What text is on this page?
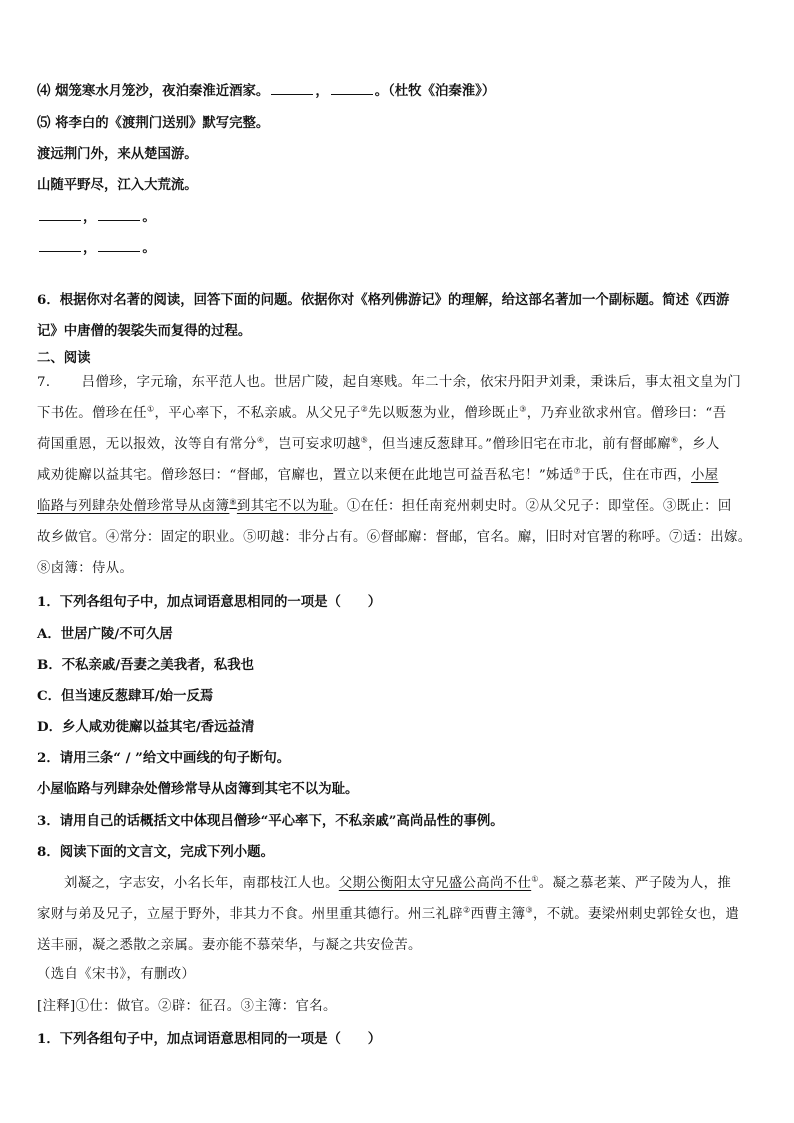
⑷ 烟笼寒水月笼沙，夜泊秦淮近酒家。	，	。（杜牧《泊秦淮》）
⑸ 将李白的《渡荆门送别》默写完整。
渡远荆门外，来从楚国游。
山随平野尽，江入大荒流。
，	。
，	。
6．根据你对名著的阅读，回答下面的问题。依据你对《格列佛游记》的理解，给这部名著加一个副标题。简述《西游
记》中唐僧的袈裟失而复得的过程。
二、阅读
7． 吕僧珍，字元瑜，东平范人也。世居广陵，起自寒贱。年二十余，依宋丹阳尹刘秉，秉诛后，事太祖文皇为门
下书佐。僧珍在任①，平心率下，不私亲戚。从父兄子②先以贩葱为业，僧珍既止③，乃弃业欲求州官。僧珍曰：“吾
荷国重恩，无以报效，汝等自有常分④，岂可妄求叨越⑤，但当速反葱肆耳。”僧珍旧宅在市北，前有督邮廨⑥，乡人
咸劝徙廨以益其宅。僧珍怒曰：“督邮，官廨也，置立以来便在此地岂可益吾私宅！”姊适⑦于氏，住在市西，小屋
临路与列肆杂处僧珍常导从卤簿⑧到其宅不以为耻。①在任：担任南兖州刺史时。②从父兄子：即堂侄。③既止：回
故乡做官。④常分：固定的职业。⑤叨越：非分占有。⑥督邮廨：督邮，官名。廨，旧时对官署的称呼。⑦适：出嫁。
⑧卤簿：侍从。
1．下列各组句子中，加点词语意思相同的一项是（　　）
A．世居广陵/不可久居
B．不私亲戚/吾妻之美我者，私我也
C．但当速反葱肆耳/始一反焉
D．乡人咸劝徙廨以益其宅/香远益清
2．请用三条“ / ”给文中画线的句子断句。
小屋临路与列肆杂处僧珍常导从卤簿到其宅不以为耻。
3．请用自己的话概括文中体现吕僧珍“平心率下，不私亲戚”高尚品性的事例。
8．阅读下面的文言文，完成下列小题。
刘凝之，字志安，小名长年，南郡枝江人也。父期公衡阳太守兄盛公高尚不仕①。凝之慕老莱、严子陵为人，推
家财与弟及兄子，立屋于野外，非其力不食。州里重其德行。州三礼辟②西曹主簿③，不就。妻梁州刺史郭铨女也，遣
送丰丽，凝之悉散之亲属。妻亦能不慕荣华，与凝之共安俭苦。
（选自《宋书》，有删改）
[注释]①仕：做官。②辟：征召。③主簿：官名。
1．下列各组句子中，加点词语意思相同的一项是（　　）
